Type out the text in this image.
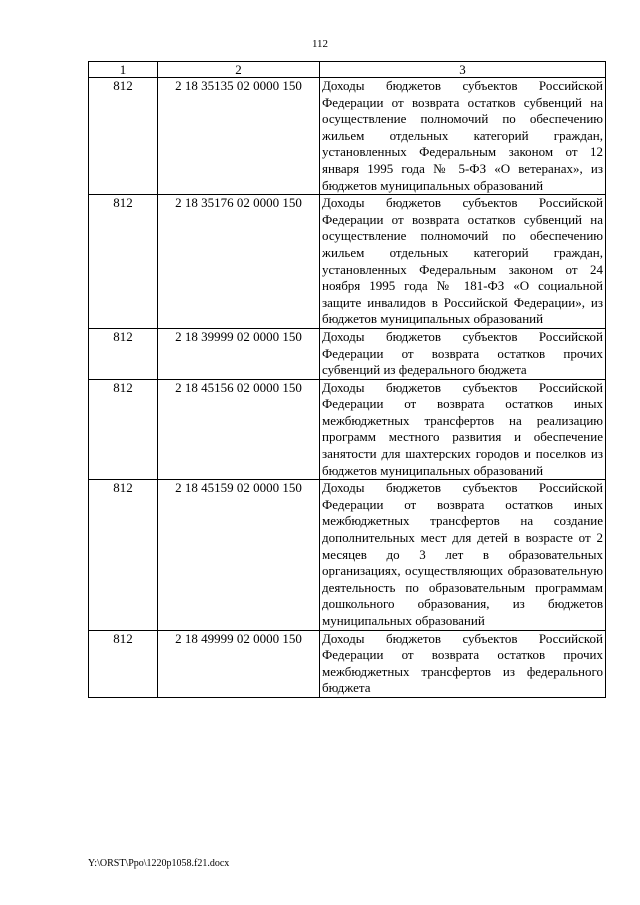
112
1	2	3
812	2 18 35135 02 0000 150	Доходы бюджетов субъектов Российской Федерации от возврата остатков субвенций на осуществление полномочий по обеспечению жильем отдельных категорий граждан, установленных Федеральным законом от 12 января 1995 года № 5-ФЗ «О ветеранах», из бюджетов муниципальных образований
812	2 18 35176 02 0000 150	Доходы бюджетов субъектов Российской Федерации от возврата остатков субвенций на осуществление полномочий по обеспечению жильем отдельных категорий граждан, установленных Федеральным законом от 24 ноября 1995 года № 181-ФЗ «О социальной защите инвалидов в Российской Федерации», из бюджетов муниципальных образований
812	2 18 39999 02 0000 150	Доходы бюджетов субъектов Российской Федерации от возврата остатков прочих субвенций из федерального бюджета
812	2 18 45156 02 0000 150	Доходы бюджетов субъектов Российской Федерации от возврата остатков иных межбюджетных трансфертов на реализацию программ местного развития и обеспечение занятости для шахтерских городов и поселков из бюджетов муниципальных образований
812	2 18 45159 02 0000 150	Доходы бюджетов субъектов Российской Федерации от возврата остатков иных межбюджетных трансфертов на создание дополнительных мест для детей в возрасте от 2 месяцев до 3 лет в образовательных организациях, осуществляющих образовательную деятельность по образовательным программам дошкольного образования, из бюджетов муниципальных образований
812	2 18 49999 02 0000 150	Доходы бюджетов субъектов Российской Федерации от возврата остатков прочих межбюджетных трансфертов из федерального бюджета
Y:\ORST\Ppo\1220p1058.f21.docx
